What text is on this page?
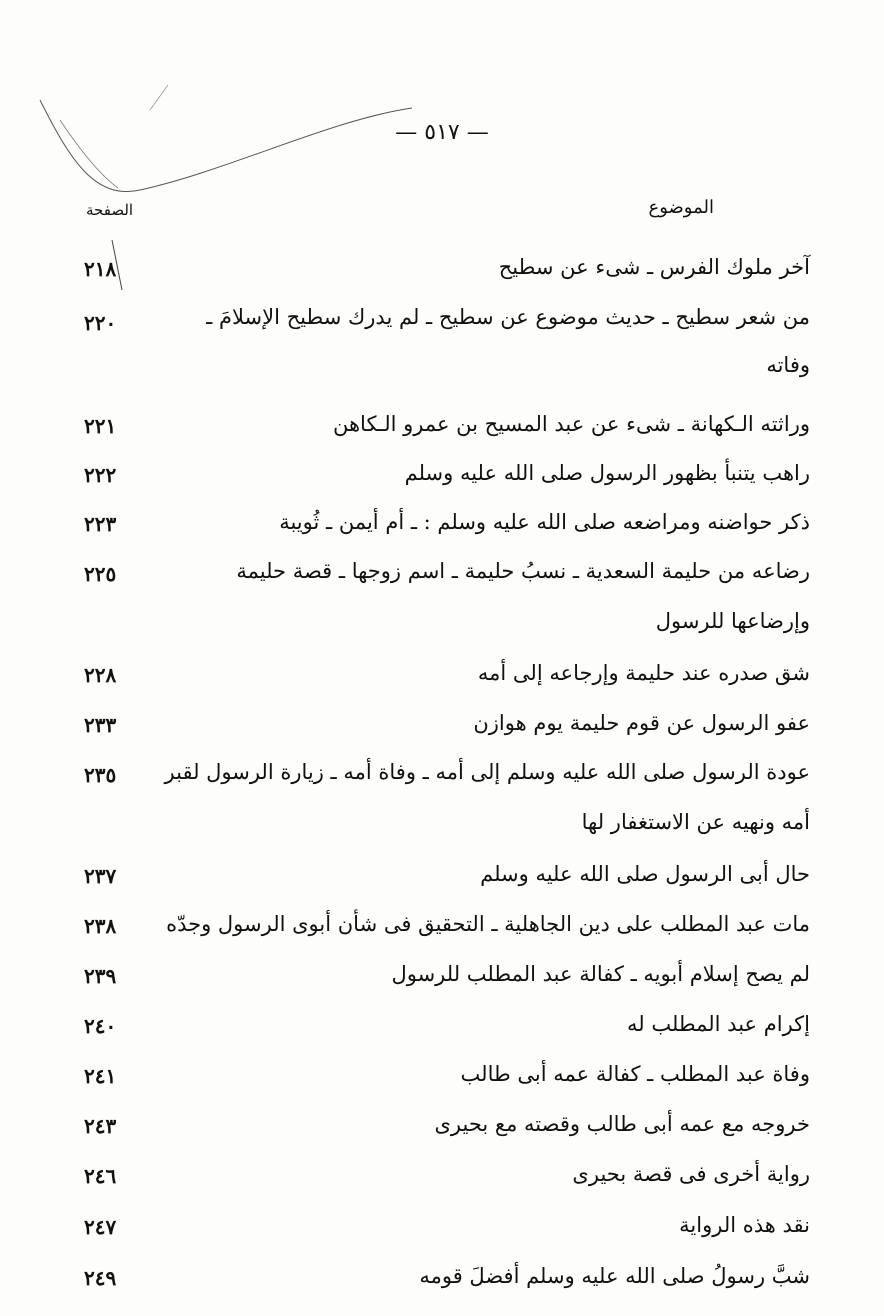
— ٥١٧ —
الموضوع
الصفحة
آخر ملوك الفرس ـ شىء عن سطيح
٢١٨
من شعر سطيح ـ حديث موضوع عن سطيح ـ لم يدرك سطيح الإسلامَ ـ وفاته
٢٢٠
وراثته الـكهانة ـ شىء عن عبد المسيح بن عمرو الـكاهن
٢٢١
راهب يتنبأ بظهور الرسول صلى الله عليه وسلم
٢٢٢
ذكر حواضنه ومراضعه صلى الله عليه وسلم : ـ أم أيمن ـ ثُويبة
٢٢٣
رضاعه من حليمة السعدية ـ نسبُ حليمة ـ اسم زوجها ـ قصة حليمة وإرضاعها للرسول
٢٢٥
شق صدره عند حليمة وإرجاعه إلى أمه
٢٢٨
عفو الرسول عن قوم حليمة يوم هوازن
٢٣٣
عودة الرسول صلى الله عليه وسلم إلى أمه ـ وفاة أمه ـ زيارة الرسول لقبر أمه ونهيه عن الاستغفار لها
٢٣٥
حال أبى الرسول صلى الله عليه وسلم
٢٣٧
مات عبد المطلب على دين الجاهلية ـ التحقيق فى شأن أبوى الرسول وجدّه
٢٣٨
لم يصح إسلام أبويه ـ كفالة عبد المطلب للرسول
٢٣٩
إكرام عبد المطلب له
٢٤٠
وفاة عبد المطلب ـ كفالة عمه أبى طالب
٢٤١
خروجه مع عمه أبى طالب وقصته مع بحيرى
٢٤٣
رواية أخرى فى قصة بحيرى
٢٤٦
نقد هذه الرواية
٢٤٧
شبَّ رسولُ صلى الله عليه وسلم أفضلَ قومه
٢٤٩
